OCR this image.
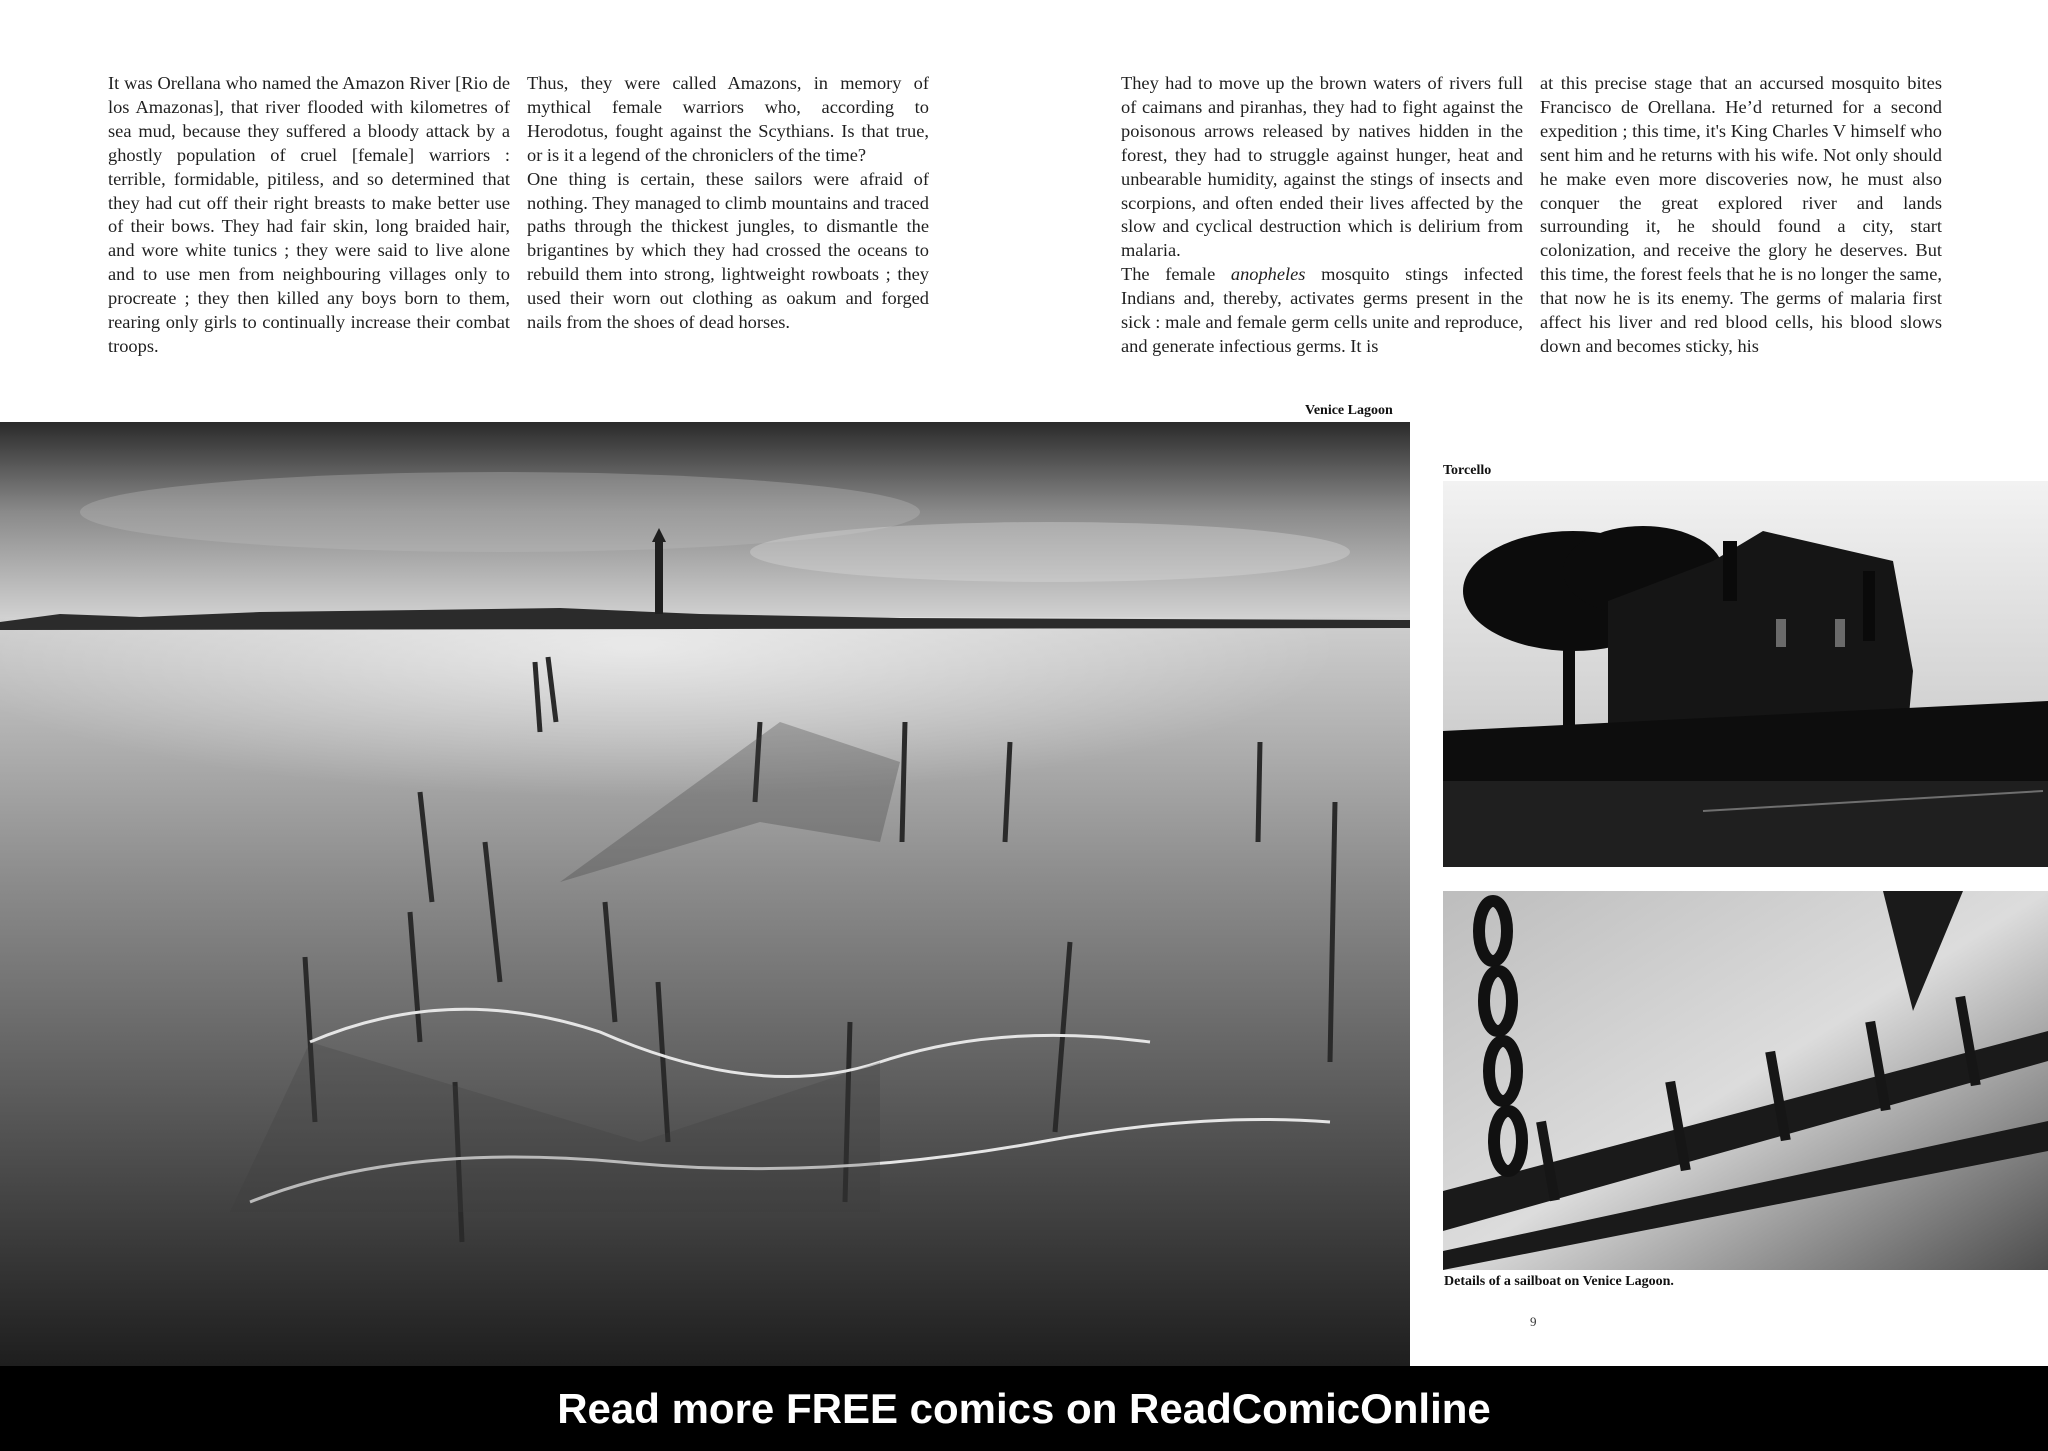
It was Orellana who named the Amazon River [Rio de los Amazonas], that river flooded with kilometres of sea mud, because they suffered a bloody attack by a ghostly population of cruel [female] warriors : terrible, formidable, pitiless, and so determined that they had cut off their right breasts to make better use of their bows. They had fair skin, long braided hair, and wore white tunics ; they were said to live alone and to use men from neighbouring villages only to procreate ; they then killed any boys born to them, rearing only girls to continually increase their combat troops.

Thus, they were called Amazons, in memory of mythical female warriors who, according to Herodotus, fought against the Scythians. Is that true, or is it a legend of the chroniclers of the time?

One thing is certain, these sailors were afraid of nothing. They managed to climb mountains and traced paths through the thickest jungles, to dismantle the brigantines by which they had crossed the oceans to rebuild them into strong, lightweight rowboats ; they used their worn out clothing as oakum and forged nails from the shoes of dead horses.

They had to move up the brown waters of rivers full of caimans and piranhas, they had to fight against the poisonous arrows released by natives hidden in the forest, they had to struggle against hunger, heat and unbearable humidity, against the stings of insects and scorpions, and often ended their lives affected by the slow and cyclical destruction which is delirium from malaria.

The female anopheles mosquito stings infected Indians and, thereby, activates germs present in the sick : male and female germ cells unite and reproduce, and generate infectious germs. It is

at this precise stage that an accursed mosquito bites Francisco de Orellana. He’d returned for a second expedition ; this time, it's King Charles V himself who sent him and he returns with his wife. Not only should he make even more discoveries now, he must also conquer the great explored river and lands surrounding it, he should found a city, start colonization, and receive the glory he deserves. But this time, the forest feels that he is no longer the same, that now he is its enemy. The germs of malaria first affect his liver and red blood cells, his blood slows down and becomes sticky, his

Venice Lagoon
Torcello
Details of a sailboat on Venice Lagoon.
9
Read more FREE comics on ReadComicOnline
